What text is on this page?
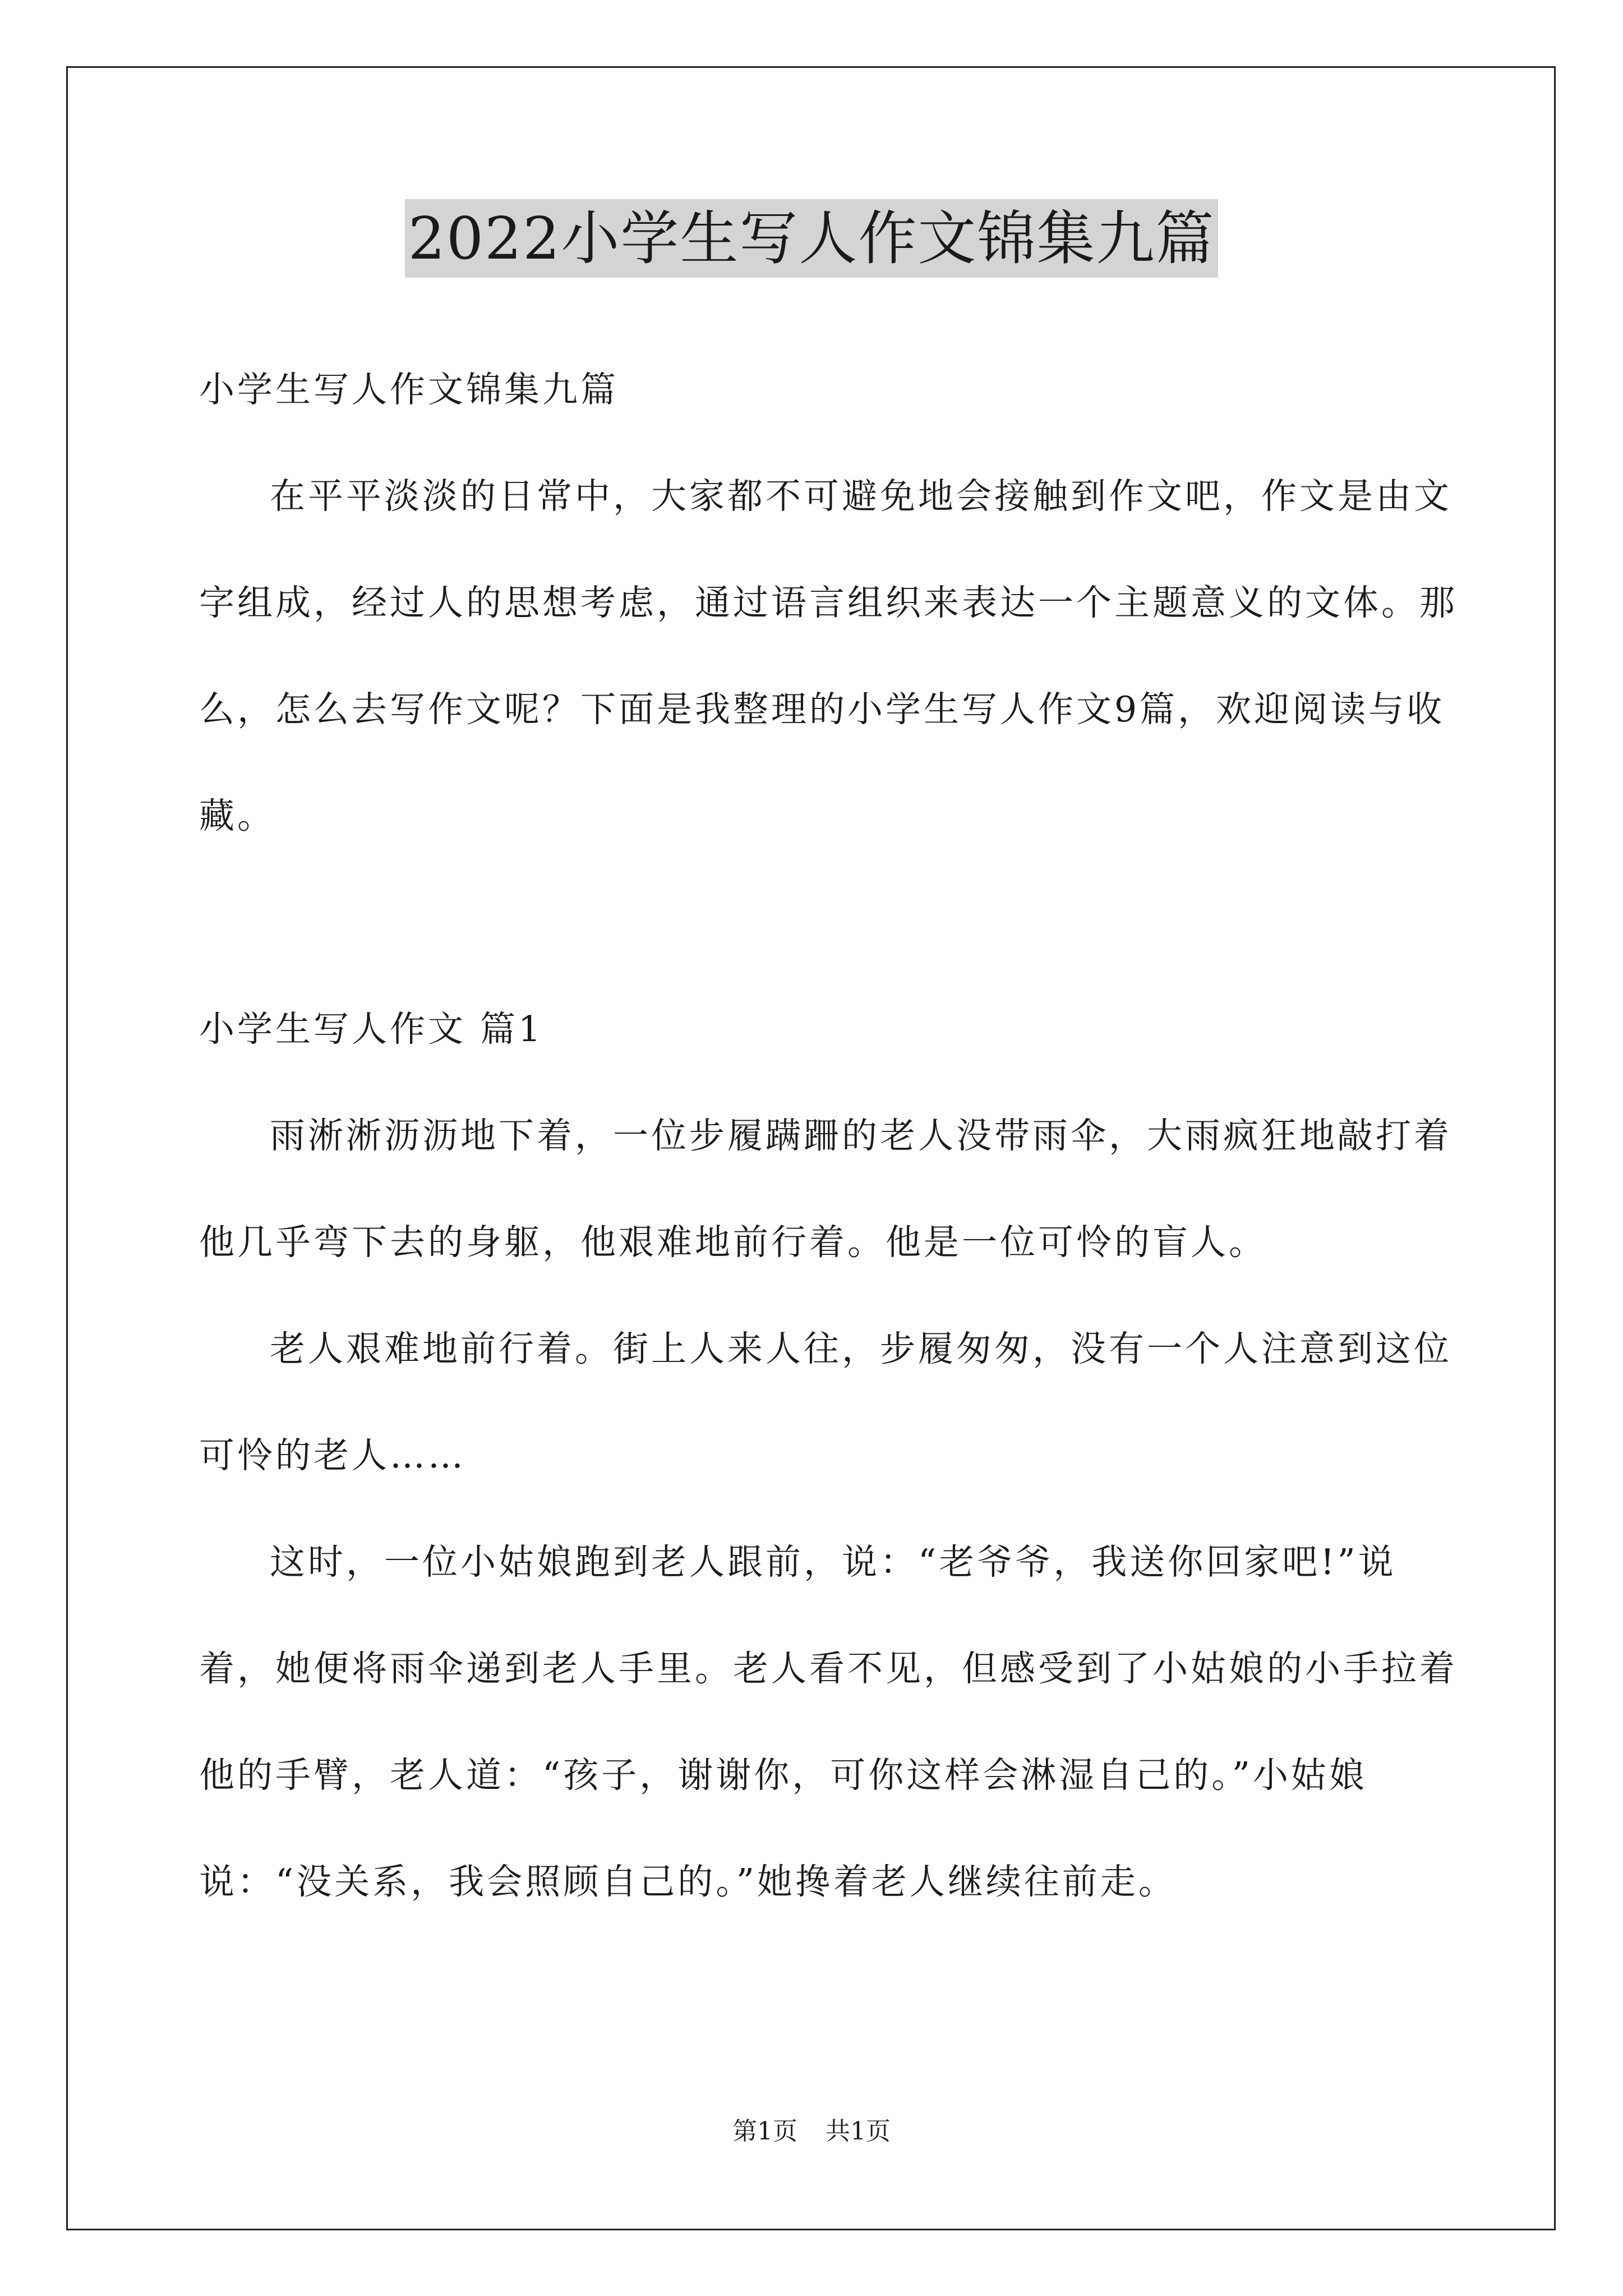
2022小学生写人作文锦集九篇

小学生写人作文锦集九篇

在平平淡淡的日常中，大家都不可避免地会接触到作文吧，作文是由文字组成，经过人的思想考虑，通过语言组织来表达一个主题意义的文体。那么，怎么去写作文呢？下面是我整理的小学生写人作文9篇，欢迎阅读与收藏。

小学生写人作文 篇1

雨淅淅沥沥地下着，一位步履蹒跚的老人没带雨伞，大雨疯狂地敲打着他几乎弯下去的身躯，他艰难地前行着。他是一位可怜的盲人。

老人艰难地前行着。街上人来人往，步履匆匆，没有一个人注意到这位可怜的老人……

这时，一位小姑娘跑到老人跟前，说：“老爷爷，我送你回家吧!”说着，她便将雨伞递到老人手里。老人看不见，但感受到了小姑娘的小手拉着他的手臂，老人道：“孩子，谢谢你，可你这样会淋湿自己的。”小姑娘说：“没关系，我会照顾自己的。”她搀着老人继续往前走。

第1页 共1页
